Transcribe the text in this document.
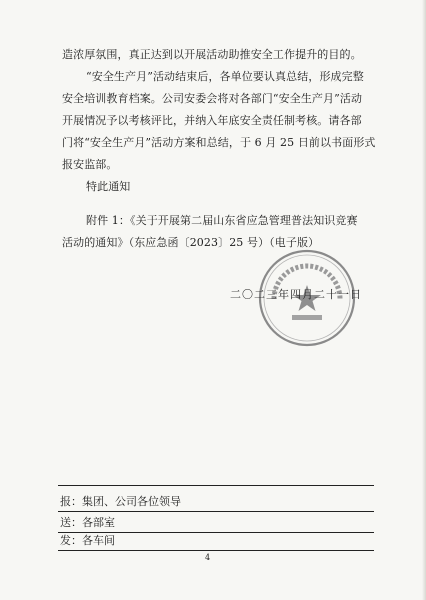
造浓厚氛围，真正达到以开展活动助推安全工作提升的目的。
“安全生产月”活动结束后，各单位要认真总结，形成完整
安全培训教育档案。公司安委会将对各部门“安全生产月”活动
开展情况予以考核评比，并纳入年底安全责任制考核。请各部
门将“安全生产月”活动方案和总结，于 6 月 25 日前以书面形式
报安监部。
特此通知
附件 1：《关于开展第二届山东省应急管理普法知识竞赛
活动的通知》（东应急函〔2023〕25 号）（电子版）
二〇二三年四月二十一日
报：集团、公司各位领导
送：各部室
发：各车间
4
